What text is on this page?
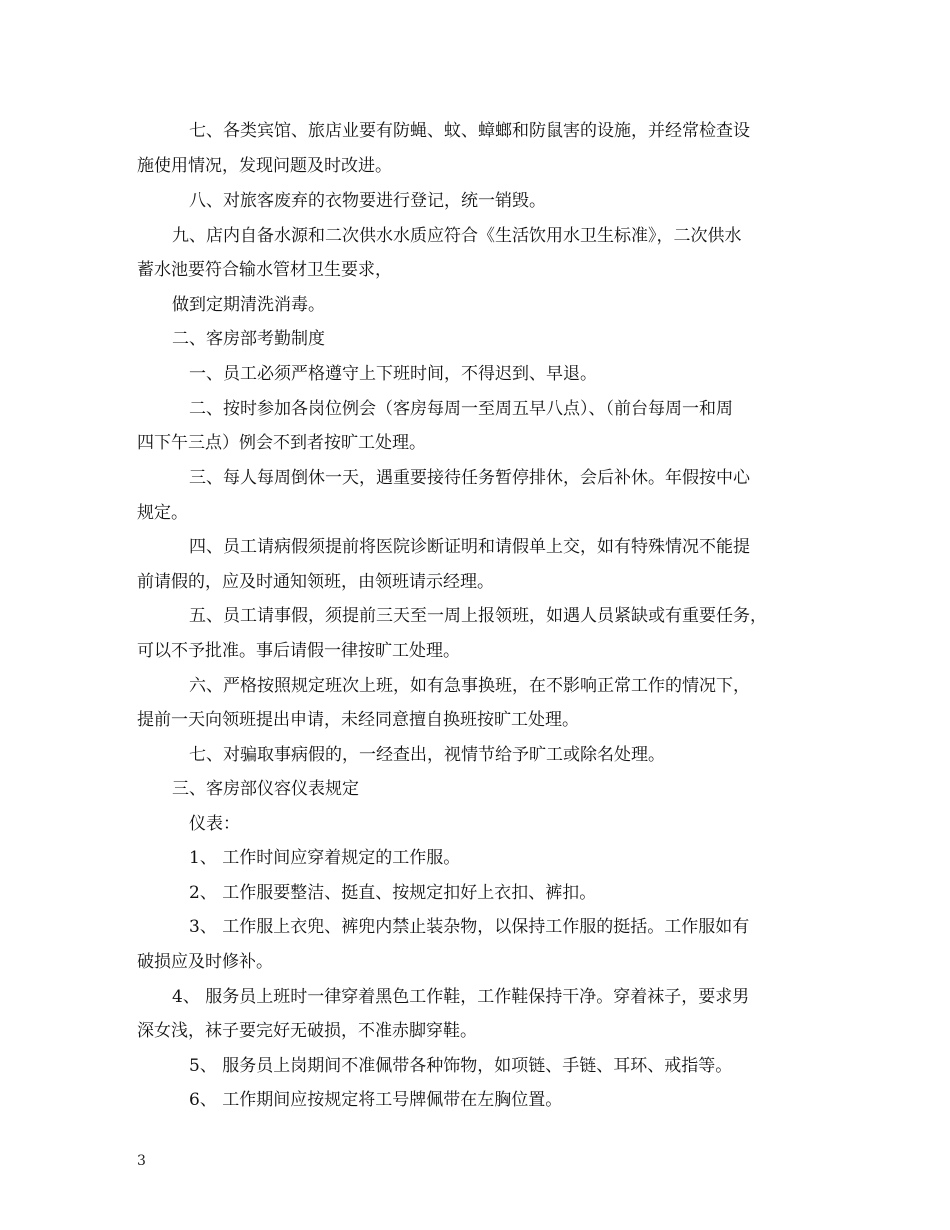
七、各类宾馆、旅店业要有防蝇、蚊、蟑螂和防鼠害的设施，并经常检查设

施使用情况，发现问题及时改进。

八、对旅客废弃的衣物要进行登记，统一销毁。

九、店内自备水源和二次供水水质应符合《生活饮用水卫生标准》，二次供水

蓄水池要符合输水管材卫生要求，

做到定期清洗消毒。

二、客房部考勤制度

一、员工必须严格遵守上下班时间，不得迟到、早退。

二、按时参加各岗位例会（客房每周一至周五早八点）、（前台每周一和周

四下午三点）例会不到者按旷工处理。

三、每人每周倒休一天，遇重要接待任务暂停排休，会后补休。年假按中心

规定。

四、员工请病假须提前将医院诊断证明和请假单上交，如有特殊情况不能提

前请假的，应及时通知领班，由领班请示经理。

五、员工请事假，须提前三天至一周上报领班，如遇人员紧缺或有重要任务，

可以不予批准。事后请假一律按旷工处理。

六、严格按照规定班次上班，如有急事换班，在不影响正常工作的情况下，

提前一天向领班提出申请，未经同意擅自换班按旷工处理。

七、对骗取事病假的，一经查出，视情节给予旷工或除名处理。

三、客房部仪容仪表规定

仪表：

1、 工作时间应穿着规定的工作服。

2、 工作服要整洁、挺直、按规定扣好上衣扣、裤扣。

3、 工作服上衣兜、裤兜内禁止装杂物，以保持工作服的挺括。工作服如有

破损应及时修补。

4、 服务员上班时一律穿着黑色工作鞋，工作鞋保持干净。穿着袜子，要求男

深女浅，袜子要完好无破损，不准赤脚穿鞋。

5、 服务员上岗期间不准佩带各种饰物，如项链、手链、耳环、戒指等。

6、 工作期间应按规定将工号牌佩带在左胸位置。

3
